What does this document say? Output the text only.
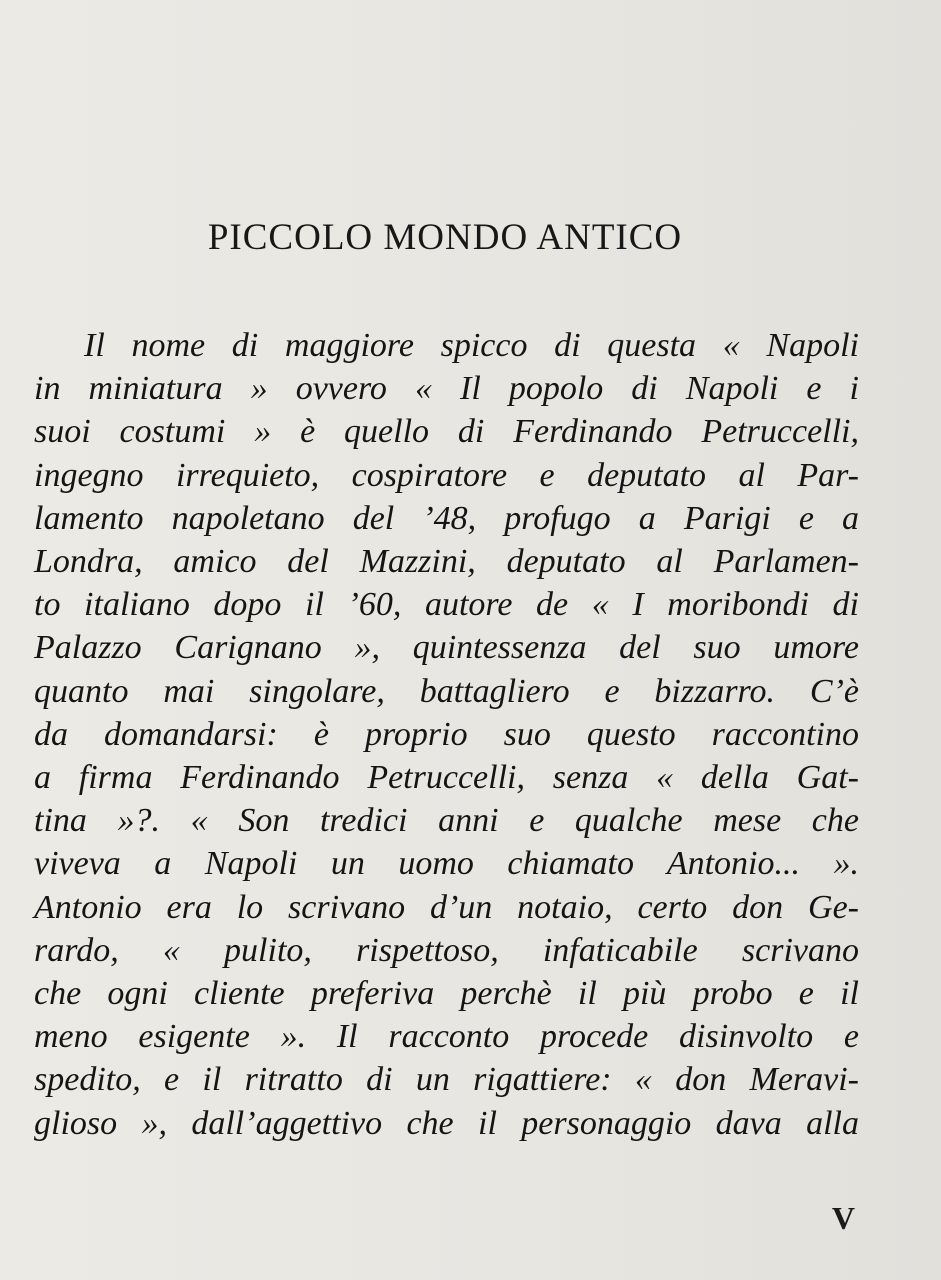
PICCOLO MONDO ANTICO
Il nome di maggiore spicco di questa « Napoli
in miniatura » ovvero « Il popolo di Napoli e i
suoi costumi » è quello di Ferdinando Petruccelli,
ingegno irrequieto, cospiratore e deputato al Par-
lamento napoletano del ’48, profugo a Parigi e a
Londra, amico del Mazzini, deputato al Parlamen-
to italiano dopo il ’60, autore de « I moribondi di
Palazzo Carignano », quintessenza del suo umore
quanto mai singolare, battagliero e bizzarro. C’è
da domandarsi: è proprio suo questo raccontino
a firma Ferdinando Petruccelli, senza « della Gat-
tina »?. « Son tredici anni e qualche mese che
viveva a Napoli un uomo chiamato Antonio... ».
Antonio era lo scrivano d’un notaio, certo don Ge-
rardo, « pulito, rispettoso, infaticabile scrivano
che ogni cliente preferiva perchè il più probo e il
meno esigente ». Il racconto procede disinvolto e
spedito, e il ritratto di un rigattiere: « don Meravi-
glioso », dall’aggettivo che il personaggio dava alla
V
